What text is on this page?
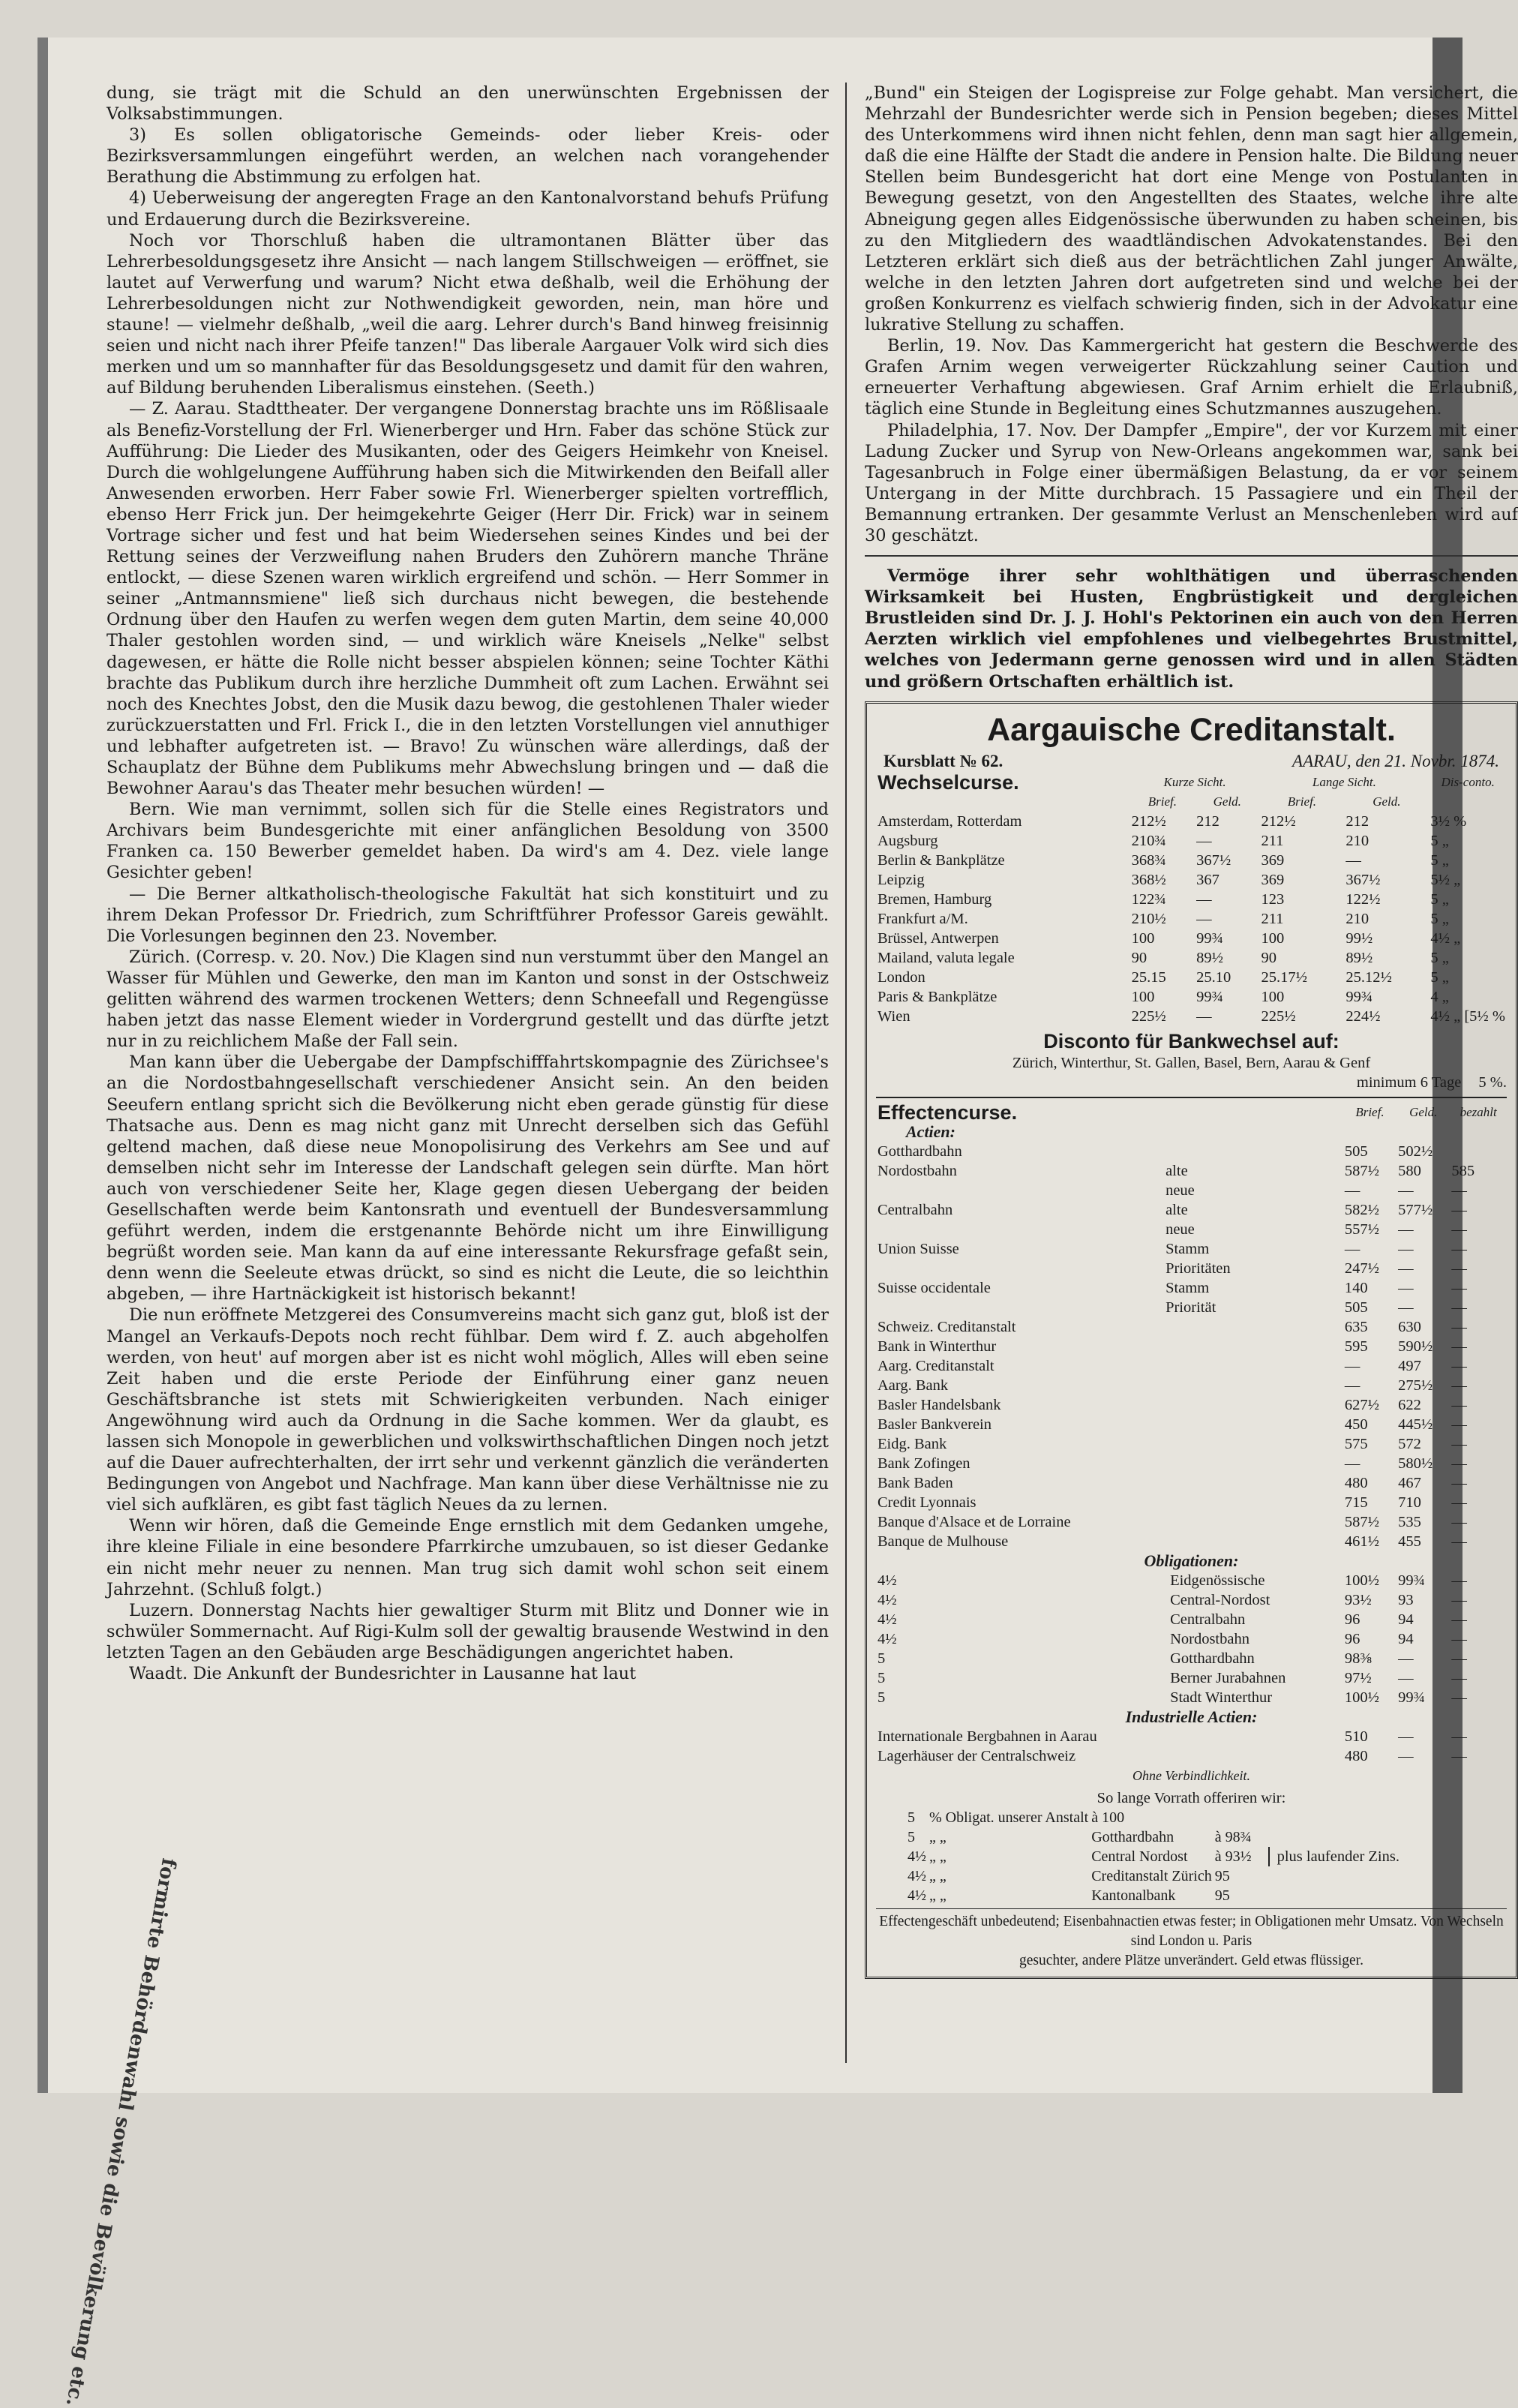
dung, sie trägt mit die Schuld an den unerwünschten Ergebnissen der Volksabstimmungen.

3) Es sollen obligatorische Gemeinds- oder lieber Kreis- oder Bezirksversammlungen eingeführt werden, an welchen nach vorangehender Berathung die Abstimmung zu erfolgen hat.

4) Ueberweisung der angeregten Frage an den Kantonalvorstand behufs Prüfung und Erdauerung durch die Bezirksvereine.

Noch vor Thorschluß haben die ultramontanen Blätter über das Lehrerbesoldungsgesetz ihre Ansicht — nach langem Stillschweigen — eröffnet, sie lautet auf Verwerfung und warum? Nicht etwa deßhalb, weil die Erhöhung der Lehrerbesoldungen nicht zur Nothwendigkeit geworden, nein, man höre und staune! — vielmehr deßhalb, „weil die aarg. Lehrer durch's Band hinweg freisinnig seien und nicht nach ihrer Pfeife tanzen!" Das liberale Aargauer Volk wird sich dies merken und um so mannhafter für das Besoldungsgesetz und damit für den wahren, auf Bildung beruhenden Liberalismus einstehen. (Seeth.)

— Z. Aarau. Stadttheater. Der vergangene Donnerstag brachte uns im Rößlisaale als Benefiz-Vorstellung der Frl. Wienerberger und Hrn. Faber das schöne Stück zur Aufführung: Die Lieder des Musikanten, oder des Geigers Heimkehr von Kneisel. Durch die wohlgelungene Aufführung haben sich die Mitwirkenden den Beifall aller Anwesenden erworben. Herr Faber sowie Frl. Wienerberger spielten vortrefflich, ebenso Herr Frick jun. Der heimgekehrte Geiger (Herr Dir. Frick) war in seinem Vortrage sicher und fest und hat beim Wiedersehen seines Kindes und bei der Rettung seines der Verzweiflung nahen Bruders den Zuhörern manche Thräne entlockt, — diese Szenen waren wirklich ergreifend und schön. — Herr Sommer in seiner „Antmannsmiene" ließ sich durchaus nicht bewegen, die bestehende Ordnung über den Haufen zu werfen wegen dem guten Martin, dem seine 40,000 Thaler gestohlen worden sind, — und wirklich wäre Kneisels „Nelke" selbst dagewesen, er hätte die Rolle nicht besser abspielen können; seine Tochter Käthi brachte das Publikum durch ihre herzliche Dummheit oft zum Lachen. Erwähnt sei noch des Knechtes Jobst, den die Musik dazu bewog, die gestohlenen Thaler wieder zurückzuerstatten und Frl. Frick I., die in den letzten Vorstellungen viel annuthiger und lebhafter aufgetreten ist. — Bravo! Zu wünschen wäre allerdings, daß der Schauplatz der Bühne dem Publikums mehr Abwechslung bringen und — daß die Bewohner Aarau's das Theater mehr besuchen würden! —

Bern. Wie man vernimmt, sollen sich für die Stelle eines Registrators und Archivars beim Bundesgerichte mit einer anfänglichen Besoldung von 3500 Franken ca. 150 Bewerber gemeldet haben. Da wird's am 4. Dez. viele lange Gesichter geben!

— Die Berner altkatholisch-theologische Fakultät hat sich konstituirt und zu ihrem Dekan Professor Dr. Friedrich, zum Schriftführer Professor Gareis gewählt. Die Vorlesungen beginnen den 23. November.

Zürich. (Corresp. v. 20. Nov.) Die Klagen sind nun verstummt über den Mangel an Wasser für Mühlen und Gewerke, den man im Kanton und sonst in der Ostschweiz gelitten während des warmen trockenen Wetters; denn Schneefall und Regengüsse haben jetzt das nasse Element wieder in Vordergrund gestellt und das dürfte jetzt nur in zu reichlichem Maße der Fall sein.

Man kann über die Uebergabe der Dampfschifffahrtskompagnie des Zürichsee's an die Nordostbahngesellschaft verschiedener Ansicht sein. An den beiden Seeufern entlang spricht sich die Bevölkerung nicht eben gerade günstig für diese Thatsache aus. Denn es mag nicht ganz mit Unrecht derselben sich das Gefühl geltend machen, daß diese neue Monopolisirung des Verkehrs am See und auf demselben nicht sehr im Interesse der Landschaft gelegen sein dürfte. Man hört auch von verschiedener Seite her, Klage gegen diesen Uebergang der beiden Gesellschaften werde beim Kantonsrath und eventuell der Bundesversammlung geführt werden, indem die erstgenannte Behörde nicht um ihre Einwilligung begrüßt worden seie. Man kann da auf eine interessante Rekursfrage gefaßt sein, denn wenn die Seeleute etwas drückt, so sind es nicht die Leute, die so leichthin abgeben, — ihre Hartnäckigkeit ist historisch bekannt!

Die nun eröffnete Metzgerei des Consumvereins macht sich ganz gut, bloß ist der Mangel an Verkaufs-Depots noch recht fühlbar. Dem wird f. Z. auch abgeholfen werden, von heut' auf morgen aber ist es nicht wohl möglich, Alles will eben seine Zeit haben und die erste Periode der Einführung einer ganz neuen Geschäftsbranche ist stets mit Schwierigkeiten verbunden. Nach einiger Angewöhnung wird auch da Ordnung in die Sache kommen. Wer da glaubt, es lassen sich Monopole in gewerblichen und volkswirthschaftlichen Dingen noch jetzt auf die Dauer aufrechterhalten, der irrt sehr und verkennt gänzlich die veränderten Bedingungen von Angebot und Nachfrage. Man kann über diese Verhältnisse nie zu viel sich aufklären, es gibt fast täglich Neues da zu lernen.

Wenn wir hören, daß die Gemeinde Enge ernstlich mit dem Gedanken umgehe, ihre kleine Filiale in eine besondere Pfarrkirche umzubauen, so ist dieser Gedanke ein nicht mehr neuer zu nennen. Man trug sich damit wohl schon seit einem Jahrzehnt. (Schluß folgt.)

Luzern. Donnerstag Nachts hier gewaltiger Sturm mit Blitz und Donner wie in schwüler Sommernacht. Auf Rigi-Kulm soll der gewaltig brausende Westwind in den letzten Tagen an den Gebäuden arge Beschädigungen angerichtet haben.

Waadt. Die Ankunft der Bundesrichter in Lausanne hat laut

„Bund" ein Steigen der Logispreise zur Folge gehabt. Man versichert, die Mehrzahl der Bundesrichter werde sich in Pension begeben; dieses Mittel des Unterkommens wird ihnen nicht fehlen, denn man sagt hier allgemein, daß die eine Hälfte der Stadt die andere in Pension halte. Die Bildung neuer Stellen beim Bundesgericht hat dort eine Menge von Postulanten in Bewegung gesetzt, von den Angestellten des Staates, welche ihre alte Abneigung gegen alles Eidgenössische überwunden zu haben scheinen, bis zu den Mitgliedern des waadtländischen Advokatenstandes. Bei den Letzteren erklärt sich dieß aus der beträchtlichen Zahl junger Anwälte, welche in den letzten Jahren dort aufgetreten sind und welche bei der großen Konkurrenz es vielfach schwierig finden, sich in der Advokatur eine lukrative Stellung zu schaffen.

Berlin, 19. Nov. Das Kammergericht hat gestern die Beschwerde des Grafen Arnim wegen verweigerter Rückzahlung seiner Caution und erneuerter Verhaftung abgewiesen. Graf Arnim erhielt die Erlaubniß, täglich eine Stunde in Begleitung eines Schutzmannes auszugehen.

Philadelphia, 17. Nov. Der Dampfer „Empire", der vor Kurzem mit einer Ladung Zucker und Syrup von New-Orleans angekommen war, sank bei Tagesanbruch in Folge einer übermäßigen Belastung, da er vor seinem Untergang in der Mitte durchbrach. 15 Passagiere und ein Theil der Bemannung ertranken. Der gesammte Verlust an Menschenleben wird auf 30 geschätzt.

Vermöge ihrer sehr wohlthätigen und überraschenden Wirksamkeit bei Husten, Engbrüstigkeit und dergleichen Brustleiden sind Dr. J. J. Hohl's Pektorinen ein auch von den Herren Aerzten wirklich viel empfohlenes und vielbegehrtes Brustmittel, welches von Jedermann gerne genossen wird und in allen Städten und größern Ortschaften erhältlich ist.

Aargauische Creditanstalt.
Kursblatt № 62.	AARAU, den 21. Novbr. 1874.
Wechselcurse.	Kurze Sicht.		Lange Sicht.		Dis-conto.
	Brief.	Geld.	Brief.	Geld.	
Amsterdam, Rotterdam	212½	212	212½	212	3½ %
Augsburg	210¾	—	211	210	5 „
Berlin & Bankplätze	368¾	367½	369	—	5 „
Leipzig	368½	367	369	367½	5½ „
Bremen, Hamburg	122¾	—	123	122½	5 „
Frankfurt a/M.	210½	—	211	210	5 „
Brüssel, Antwerpen	100	99¾	100	99½	4½ „
Mailand, valuta legale	90	89½	90	89½	5 „
London	25.15	25.10	25.17½	25.12½	5 „
Paris & Bankplätze	100	99¾	100	99¾	4 „
Wien	225½	—	225½	224½	4½ „ [5½ %
Disconto für Bankwechsel auf:
Zürich, Winterthur, St. Gallen, Basel, Bern, Aarau & Genf
minimum 6 Tage 5 %.
Effectencurse.		Brief.	Geld.	bezahlt
Actien:				
Gotthardbahn		505	502½	
Nordostbahn	alte	587½	580	585
	neue	—	—	—
Centralbahn	alte	582½	577½	—
	neue	557½	—	—
Union Suisse	Stamm	—	—	—
	Prioritäten	247½	—	—
Suisse occidentale	Stamm	140	—	—
	Priorität	505	—	—
Schweiz. Creditanstalt		635	630	—
Bank in Winterthur		595	590½	—
Aarg. Creditanstalt		—	497	—
Aarg. Bank		—	275½	—
Basler Handelsbank		627½	622	—
Basler Bankverein		450	445½	—
Eidg. Bank		575	572	—
Bank Zofingen		—	580½	—
Bank Baden		480	467	—
Credit Lyonnais		715	710	—
Banque d'Alsace et de Lorraine		587½	535	—
Banque de Mulhouse		461½	455	—
Obligationen:				
4½	Eidgenössische	100½	99¾	—
4½	Central-Nordost	93½	93	—
4½	Centralbahn	96	94	—
4½	Nordostbahn	96	94	—
5	Gotthardbahn	98⅜	—	—
5	Berner Jurabahnen	97½	—	—
5	Stadt Winterthur	100½	99¾	—
Industrielle Actien:				
Internationale Bergbahnen in Aarau		510	—	—
Lagerhäuser der Centralschweiz		480	—	—
Ohne Verbindlichkeit.				
So lange Vorrath offeriren wir:
5	% Obligat. unserer Anstalt	à 100	
5	„ „	Gotthardbahn	à 98¾
4½	„ „	Central Nordost	à 93½
4½	„ „	Creditanstalt Zürich	95
4½	„ „	Kantonalbank	95
plus laufender Zins.
Effectengeschäft unbedeutend; Eisenbahnactien etwas fester; in Obligationen mehr Umsatz. Von Wechseln sind London u. Paris
gesuchter, andere Plätze unverändert. Geld etwas flüssiger.
formirte Behördenwahl sowie die Bevölkerung etc.
